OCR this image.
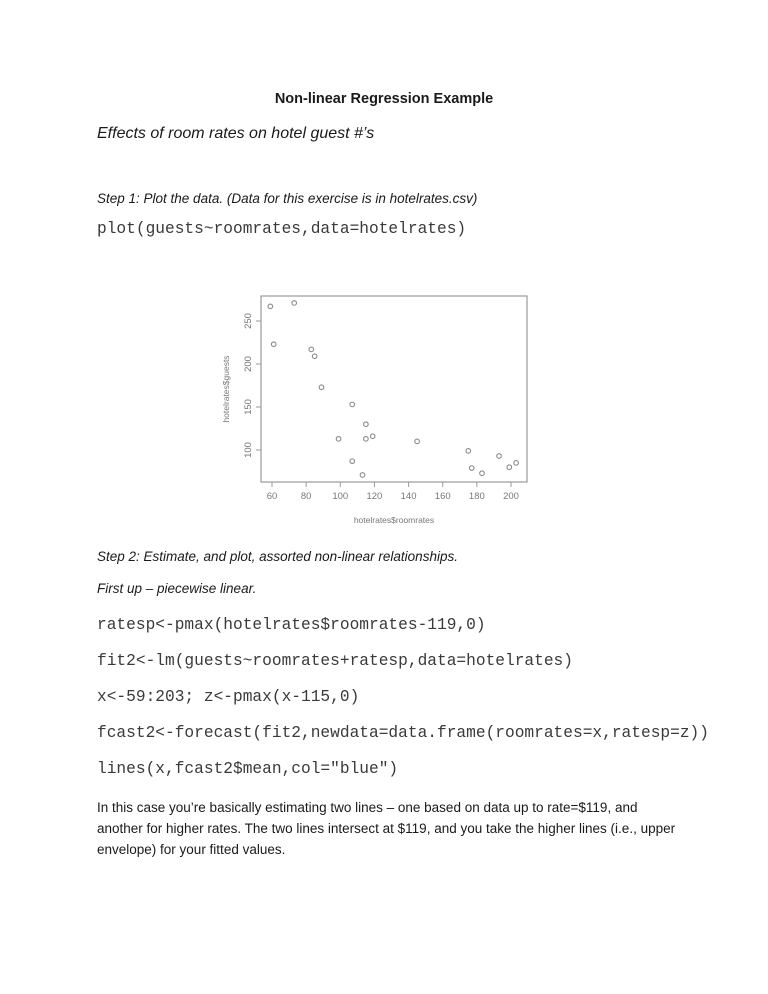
Non-linear Regression Example
Effects of room rates on hotel guest #’s
Step 1: Plot the data. (Data for this exercise is in hotelrates.csv)
plot(guests~roomrates,data=hotelrates)
60 80 100 120 140 160 180 200
100
150
200
250
hotelrates$roomrates
hotelrates$guests
Step 2: Estimate, and plot, assorted non-linear relationships.
First up – piecewise linear.
ratesp<-pmax(hotelrates$roomrates-119,0)
fit2<-lm(guests~roomrates+ratesp,data=hotelrates)
x<-59:203; z<-pmax(x-115,0)
fcast2<-forecast(fit2,newdata=data.frame(roomrates=x,ratesp=z))
lines(x,fcast2$mean,col="blue")
In this case you’re basically estimating two lines – one based on data up to rate=$119, and another for higher rates. The two lines intersect at $119, and you take the higher lines (i.e., upper envelope) for your fitted values.
